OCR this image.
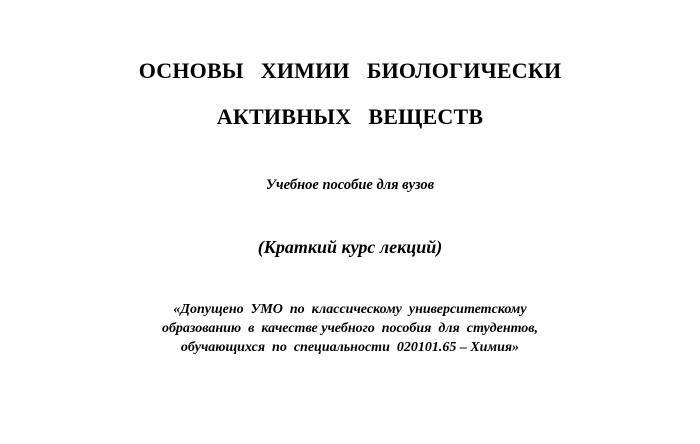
ОСНОВЫ   ХИМИИ   БИОЛОГИЧЕСКИ
АКТИВНЫХ   ВЕЩЕСТВ
Учебное пособие для вузов
(Краткий курс лекций)
«Допущено  УМО  по  классическому  университетскому
образованию  в  качестве учебного  пособия  для  студентов,
обучающихся  по  специальности  020101.65 – Химия»
